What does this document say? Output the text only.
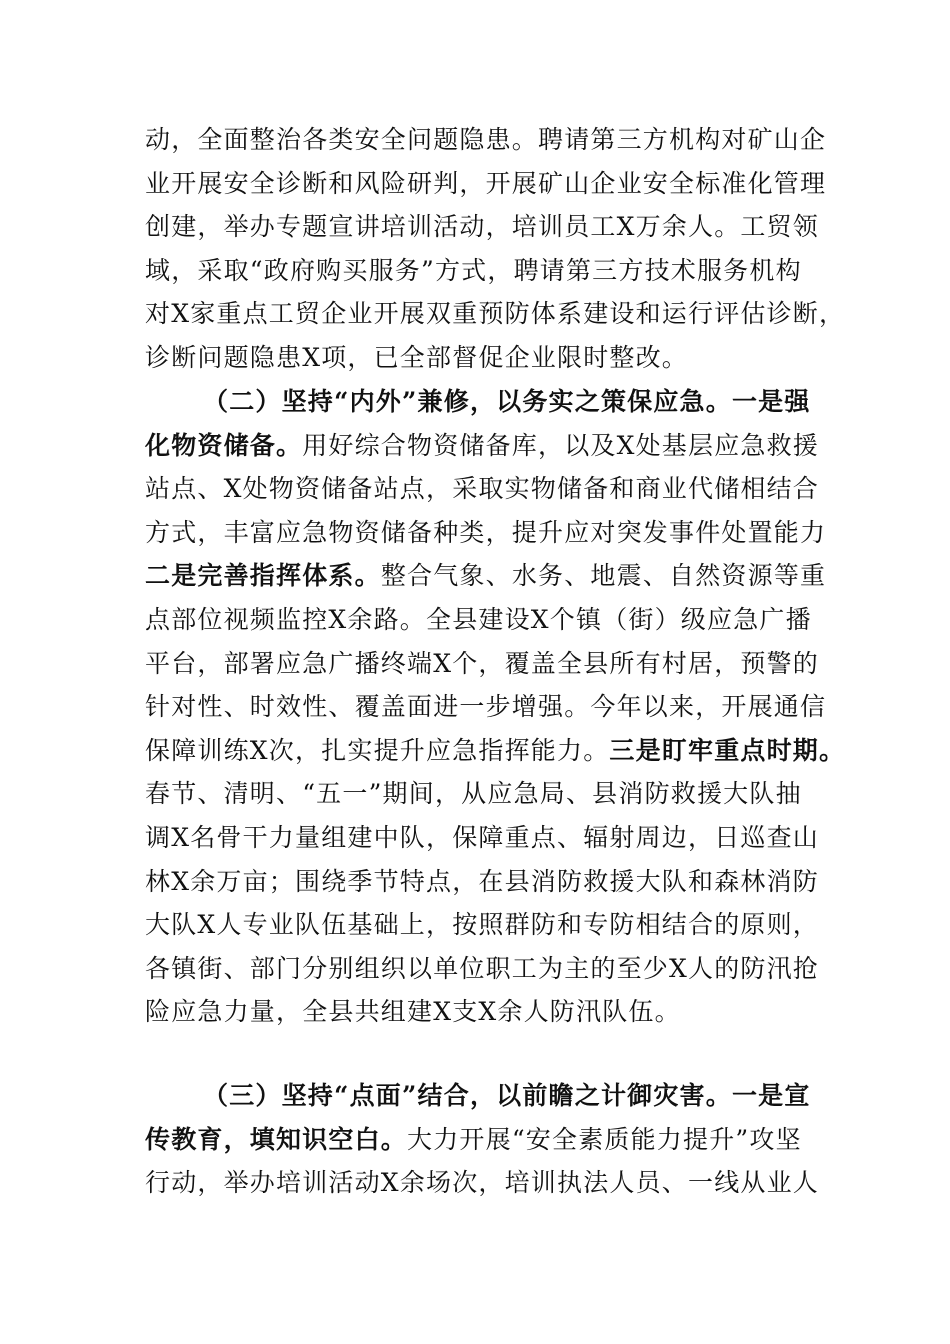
动，全面整治各类安全问题隐患。聘请第三方机构对矿山企
业开展安全诊断和风险研判，开展矿山企业安全标准化管理
创建，举办专题宣讲培训活动，培训员工X万余人。工贸领
域，采取“政府购买服务”方式，聘请第三方技术服务机构
对X家重点工贸企业开展双重预防体系建设和运行评估诊断，
诊断问题隐患X项，已全部督促企业限时整改。
（二）坚持“内外”兼修，以务实之策保应急。一是强
化物资储备。用好综合物资储备库，以及X处基层应急救援
站点、X处物资储备站点，采取实物储备和商业代储相结合
方式，丰富应急物资储备种类，提升应对突发事件处置能力
二是完善指挥体系。整合气象、水务、地震、自然资源等重
点部位视频监控X余路。全县建设X个镇（街）级应急广播
平台，部署应急广播终端X个，覆盖全县所有村居，预警的
针对性、时效性、覆盖面进一步增强。今年以来，开展通信
保障训练X次，扎实提升应急指挥能力。三是盯牢重点时期。
春节、清明、“五一”期间，从应急局、县消防救援大队抽
调X名骨干力量组建中队，保障重点、辐射周边，日巡查山
林X余万亩；围绕季节特点，在县消防救援大队和森林消防
大队X人专业队伍基础上，按照群防和专防相结合的原则，
各镇街、部门分别组织以单位职工为主的至少X人的防汛抢
险应急力量，全县共组建X支X余人防汛队伍。
（三）坚持“点面”结合，以前瞻之计御灾害。一是宣
传教育，填知识空白。大力开展“安全素质能力提升”攻坚
行动，举办培训活动X余场次，培训执法人员、一线从业人
